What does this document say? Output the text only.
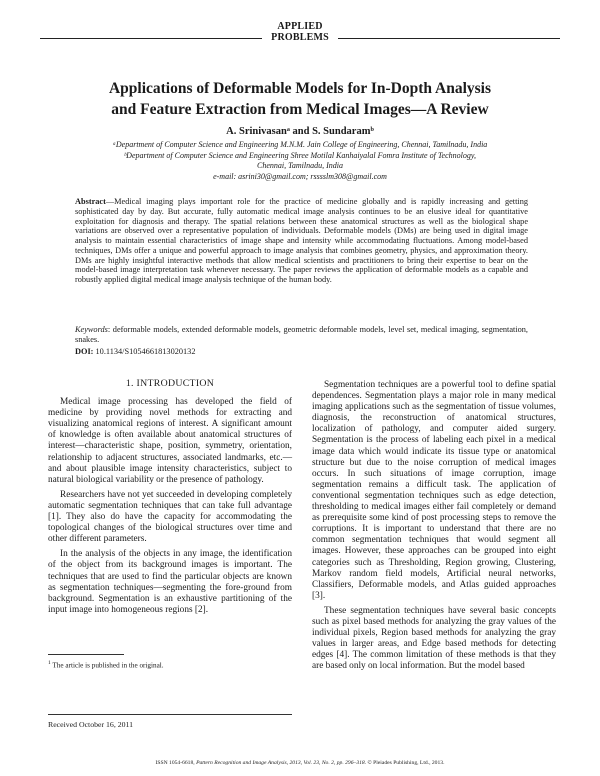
APPLIED
PROBLEMS
Applications of Deformable Models for In-Dopth Analysis
and Feature Extraction from Medical Images—A Review
A. Srinivasanᵃ and S. Sundaramᵇ
ᵃDepartment of Computer Science and Engineering M.N.M. Jain College of Engineering, Chennai, Tamilnadu, India
ᵇDepartment of Computer Science and Engineering Shree Motilal Kanhaiyalal Fomra Institute of Technology,
Chennai, Tamilnadu, India
e-mail: asrini30@gmail.com; rsssslm308@gmail.com

Abstract—Medical imaging plays important role for the practice of medicine globally and is rapidly increasing and getting sophisticated day by day. But accurate, fully automatic medical image analysis continues to be an elusive ideal for quantitative exploitation for diagnosis and therapy. The spatial relations between these anatomical structures as well as the biological shape variations are observed over a representative population of individuals. Deformable models (DMs) are being used in digital image analysis to maintain essential characteristics of image shape and intensity while accommodating fluctuations. Among model-based techniques, DMs offer a unique and powerful approach to image analysis that combines geometry, physics, and approximation theory. DMs are highly insightful interactive methods that allow medical scientists and practitioners to bring their expertise to bear on the model-based image interpretation task whenever necessary. The paper reviews the application of deformable models as a capable and robustly applied digital medical image analysis technique of the human body.

Keywords: deformable models, extended deformable models, geometric deformable models, level set, medical imaging, segmentation, snakes.

DOI: 10.1134/S1054661813020132
1. INTRODUCTION

Medical image processing has developed the field of medicine by providing novel methods for extracting and visualizing anatomical regions of interest. A significant amount of knowledge is often available about anatomical structures of interest—characteristic shape, position, symmetry, orientation, relationship to adjacent structures, associated landmarks, etc.—and about plausible image intensity characteristics, subject to natural biological variability or the presence of pathology.

Researchers have not yet succeeded in developing completely automatic segmentation techniques that can take full advantage [1]. They also do have the capacity for accommodating the topological changes of the biological structures over time and other different parameters.

In the analysis of the objects in any image, the identification of the object from its background images is important. The techniques that are used to find the particular objects are known as segmentation techniques—segmenting the fore-ground from background. Segmentation is an exhaustive partitioning of the input image into homogeneous regions [2].

Segmentation techniques are a powerful tool to define spatial dependences. Segmentation plays a major role in many medical imaging applications such as the segmentation of tissue volumes, diagnosis, the reconstruction of anatomical structures, localization of pathology, and computer aided surgery. Segmentation is the process of labeling each pixel in a medical image data which would indicate its tissue type or anatomical structure but due to the noise corruption of medical images occurs. In such situations of image corruption, image segmentation remains a difficult task. The application of conventional segmentation techniques such as edge detection, thresholding to medical images either fail completely or demand as prerequisite some kind of post processing steps to remove the corruptions. It is important to understand that there are no common segmentation techniques that would segment all images. However, these approaches can be grouped into eight categories such as Thresholding, Region growing, Clustering, Markov random field models, Artificial neural networks, Classifiers, Deformable models, and Atlas guided approaches [3].

These segmentation techniques have several basic concepts such as pixel based methods for analyzing the gray values of the individual pixels, Region based methods for analyzing the gray values in larger areas, and Edge based methods for detecting edges [4]. The common limitation of these methods is that they are based only on local information. But the model based

$^1$ The article is published in the original.
Received October 16, 2011
ISSN 1054-6618, Pattern Recognition and Image Analysis, 2013, Vol. 23, No. 2, pp. 296–318. © Pleiades Publishing, Ltd., 2013.
